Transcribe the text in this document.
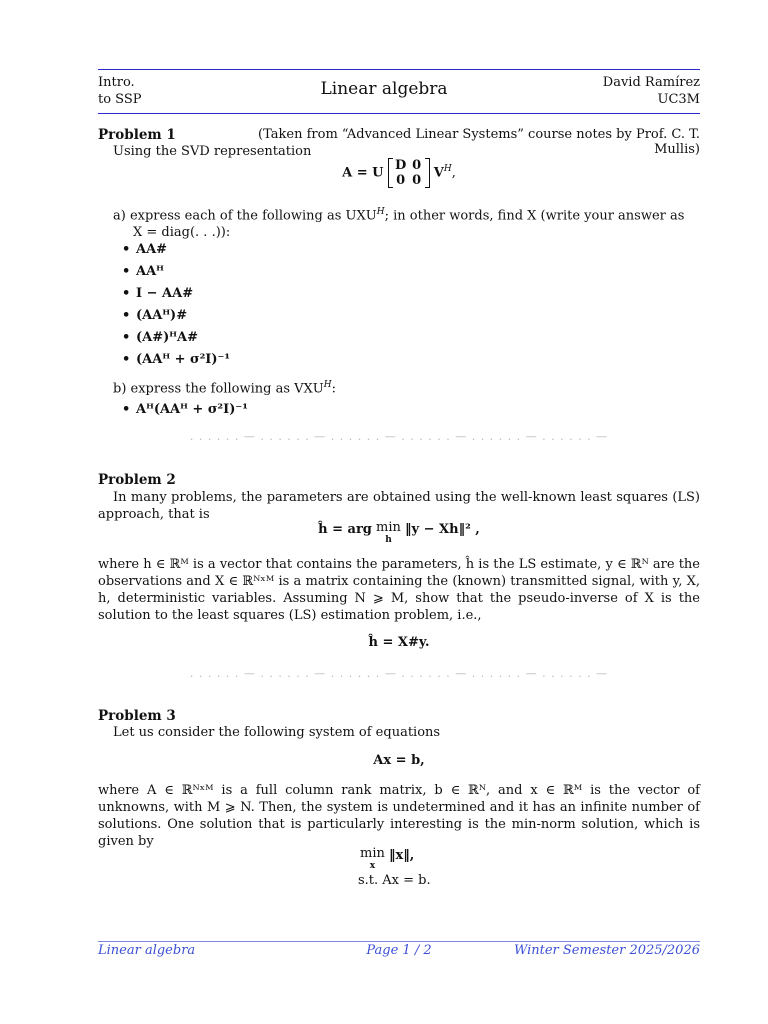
Intro.
to SSP
Linear algebra	David Ramírez
UC3M
Problem 1	(Taken from “Advanced Linear Systems” course notes by Prof. C. T. Mullis)
Using the SVD representation
A = U D 0
0 0 $V^H$,
a) express each of the following as $UXU^H$; in other words, find X (write your answer as
X = diag(. . .)):
• AA#
• AAᴴ
• I − AA#
• (AAᴴ)#
• (A#)ᴴA#
• (AAᴴ + σ²I)⁻¹
b) express the following as $VXU^H$:
• Aᴴ(AAᴴ + σ²I)⁻¹
. . . . . . — . . . . . . — . . . . . . — . . . . . . — . . . . . . — . . . . . . —
Problem 2
In many problems, the parameters are obtained using the well-known least squares (LS) approach, that is
ĥ = arg min
h
‖y − Xh‖² ,
where h ∈ ℝᴹ is a vector that contains the parameters, ĥ is the LS estimate, y ∈ ℝᴺ are the observations and X ∈ ℝᴺˣᴹ is a matrix containing the (known) transmitted signal, with y, X, h, deterministic variables. Assuming N ⩾ M, show that the pseudo-inverse of X is the solution to the least squares (LS) estimation problem, i.e.,
ĥ = X#y.
. . . . . . — . . . . . . — . . . . . . — . . . . . . — . . . . . . — . . . . . . —
Problem 3
Let us consider the following system of equations
Ax = b,
where A ∈ ℝᴺˣᴹ is a full column rank matrix, b ∈ ℝᴺ, and x ∈ ℝᴹ is the vector of unknowns, with M ⩾ N. Then, the system is undetermined and it has an infinite number of solutions. One solution that is particularly interesting is the min-norm solution, which is given by
min
x
‖x‖,
s.t. Ax = b.
Linear algebra	Page 1 / 2	Winter Semester 2025/2026
